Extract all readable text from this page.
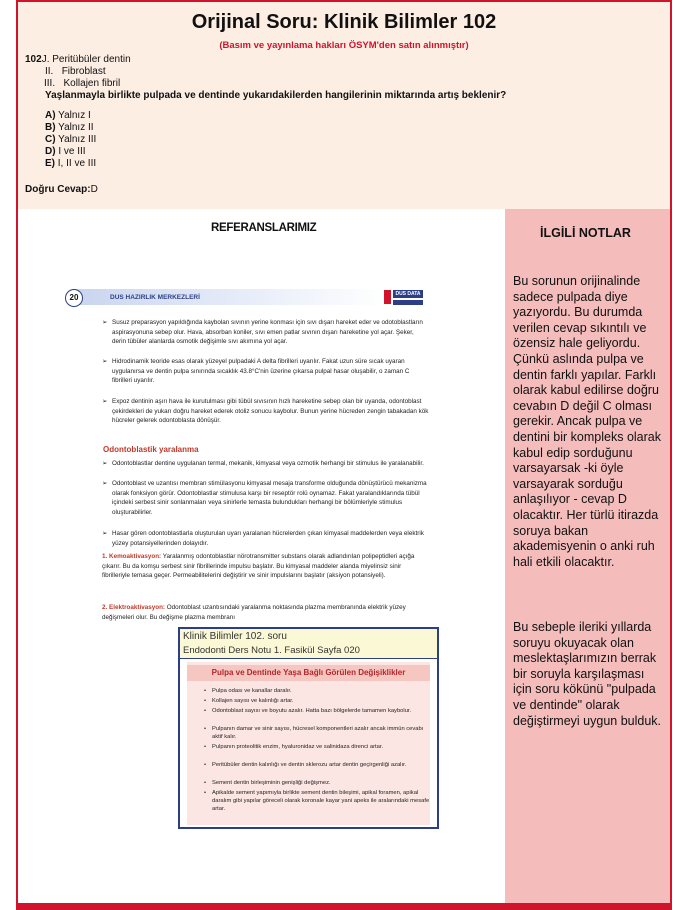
Orijinal Soru: Klinik Bilimler 102
(Basım ve yayınlama hakları ÖSYM'den satın alınmıştır)
102J. Peritübüler dentin
II. Fibroblast
III. Kollajen fibril
Yaşlanmayla birlikte pulpada ve dentinde yukarıdakilerden hangilerinin miktarında artış beklenir?
A) Yalnız I
B) Yalnız II
C) Yalnız III
D) I ve III
E) I, II ve III
Doğru Cevap:D
REFERANSLARIMIZ
20	DUS HAZIRLIK MERKEZLERİ	DUS DATA
➢ Susuz preparasyon yapıldığında kaybolan sıvının yerine konması için sıvı dışarı hareket eder ve odotoblastların aspirasyonuna sebep olur. Hava, absorban koniler, sıvı emen patlar sıvının dışarı hareketine yol açar. Şeker, derin tübüler alanlarda osmotik değişimle sıvı akımına yol açar.
➢ Hidrodinamik teoride esas olarak yüzeyel pulpadaki A delta fibrilleri uyarılır. Fakat uzun süre sıcak uyaran uygulanırsa ve dentin pulpa sınırında sıcaklık 43.8°C'nin üzerine çıkarsa pulpal hasar oluşabilir, o zaman C fibrilleri uyarılır.
➢ Expoz dentinin aşırı hava ile kurutulması gibi tübül sıvısının hızlı hareketine sebep olan bir uyanda, odontoblast çekirdekleri de yukarı doğru hareket ederek otoliz sonucu kaybolur. Bunun yerine hücreden zengin tabakadan kök hücreler gelerek odontoblasta dönüşür.
Odontoblastik yaralanma
➢ Odontoblastlar dentine uygulanan termal, mekanik, kimyasal veya ozmotik herhangi bir stimulus ile yaralanabilir.
➢ Odontoblast ve uzantısı membran stimülasyonu kimyasal mesaja transforme olduğunda dönüştürücü mekanizma olarak fonksiyon görür. Odontoblastlar stimulusa karşı bir reseptör rolü oynamaz. Fakat yaralandıklarında tübül içindeki serbest sinir sonlanmaları veya sinirlerle temasta bulundukları herhangi bir bölümleriyle stimulus oluşturabilirler.
➢ Hasar gören odontoblastlarla oluşturulan uyarı yaralanan hücrelerden çıkan kimyasal maddelerden veya elektrik yüzey potansiyellerinden dolayıdır.
1. Kemoaktivasyon: Yaralanmış odontoblastlar nörotransmitter substans olarak adlandırılan polipeptidleri açığa çıkarır. Bu da komşu serbest sinir fibrillerinde impulsu başlatır. Bu kimyasal maddeler alanda miyelinsiz sinir fibrilleriyle temasa geçer. Permeabilitelerini değiştirir ve sinir impulslarını başlatır (aksiyon potansiyeli).
2. Elektroaktivasyon: Odontoblast uzantısındaki yaralanma noktasında plazma membranında elektrik yüzey değişmeleri olur. Bu değişme plazma membranı
Klinik Bilimler 102. soru
Endodonti Ders Notu 1. Fasikül Sayfa 020
Pulpa ve Dentinde Yaşa Bağlı Görülen Değişiklikler
• Pulpa odası ve kanallar daralır.
• Kollajen sayısı ve kalınlığı artar.
• Odontoblast sayısı ve boyutu azalır. Hatta bazı bölgelerde tamamen kaybolur.
• Pulpanın damar ve sinir sayısı, hücresel komponentleri azalır ancak immün cevabı aktif kalır.
• Pulpanın proteolitik enzim, hyaluronidaz ve salinidaza direnci artar.
• Peritübüler dentin kalınlığı ve dentin sklerozu artar dentin geçirgenliği azalır.
• Sement dentin birleşiminin genişliği değişmez.
• Apikalde sement yapımıyla birlikte sement dentin bileşimi, apikal foramen, apikal daralım gibi yapılar göreceli olarak koronale kayar yani apeks ile aralarındaki mesafe artar.
İLGİLİ NOTLAR
Bu sorunun orijinalinde sadece pulpada diye yazıyordu. Bu durumda verilen cevap sıkıntılı ve özensiz hale geliyordu. Çünkü aslında pulpa ve dentin farklı yapılar. Farklı olarak kabul edilirse doğru cevabın D değil C olması gerekir. Ancak pulpa ve dentini bir kompleks olarak kabul edip sorduğunu varsayarsak -ki öyle varsayarak sorduğu anlaşılıyor - cevap D olacaktır. Her türlü itirazda soruya bakan akademisyenin o anki ruh hali etkili olacaktır.
Bu sebeple ileriki yıllarda soruyu okuyacak olan meslektaşlarımızın berrak bir soruyla karşılaşması için soru kökünü "pulpada ve dentinde" olarak değiştirmeyi uygun bulduk.
